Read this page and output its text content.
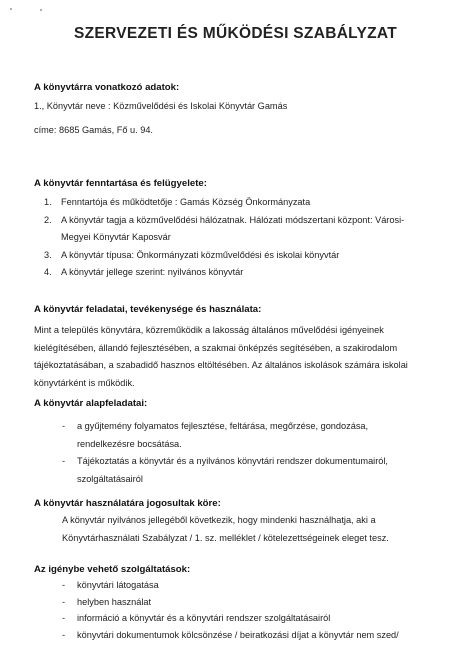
SZERVEZETI ÉS MŰKÖDÉSI SZABÁLYZAT
A könyvtárra vonatkozó adatok:
1., Könyvtár neve : Közművelődési és Iskolai Könyvtár Gamás
címe: 8685 Gamás, Fő u. 94.
A könyvtár fenntartása és felügyelete:
1. Fenntartója és működtetője : Gamás Község Önkormányzata
2. A könyvtár tagja a közművelődési hálózatnak. Hálózati módszertani központ: Városi-
Megyei Könyvtár Kaposvár
3. A könyvtár típusa: Önkormányzati közművelődési és iskolai könyvtár
4. A könyvtár jellege szerint: nyilvános könyvtár
A könyvtár feladatai, tevékenysége és használata:
Mint a település könyvtára, közreműködik a lakosság általános művelődési igényeinek
kielégítésében, állandó fejlesztésében, a szakmai önképzés segítésében, a szakirodalom
tájékoztatásában, a szabadidő hasznos eltöltésében. Az általános iskolások számára iskolai
könyvtárként is működik.
A könyvtár alapfeladatai:
- a gyűjtemény folyamatos fejlesztése, feltárása, megőrzése, gondozása,
rendelkezésre bocsátása.
- Tájékoztatás a könyvtár és a nyilvános könyvtári rendszer dokumentumairól,
szolgáltatásairól
A könyvtár használatára jogosultak köre:
A könyvtár nyilvános jellegéből következik, hogy mindenki használhatja, aki a
Könyvtárhasználati Szabályzat / 1. sz. melléklet / kötelezettségeinek eleget tesz.
Az igénybe vehető szolgáltatások:
- könyvtári látogatása
- helyben használat
- információ a könyvtár és a könyvtári rendszer szolgáltatásairól
- könyvtári dokumentumok kölcsönzése / beiratkozási díjat a könyvtár nem szed/
